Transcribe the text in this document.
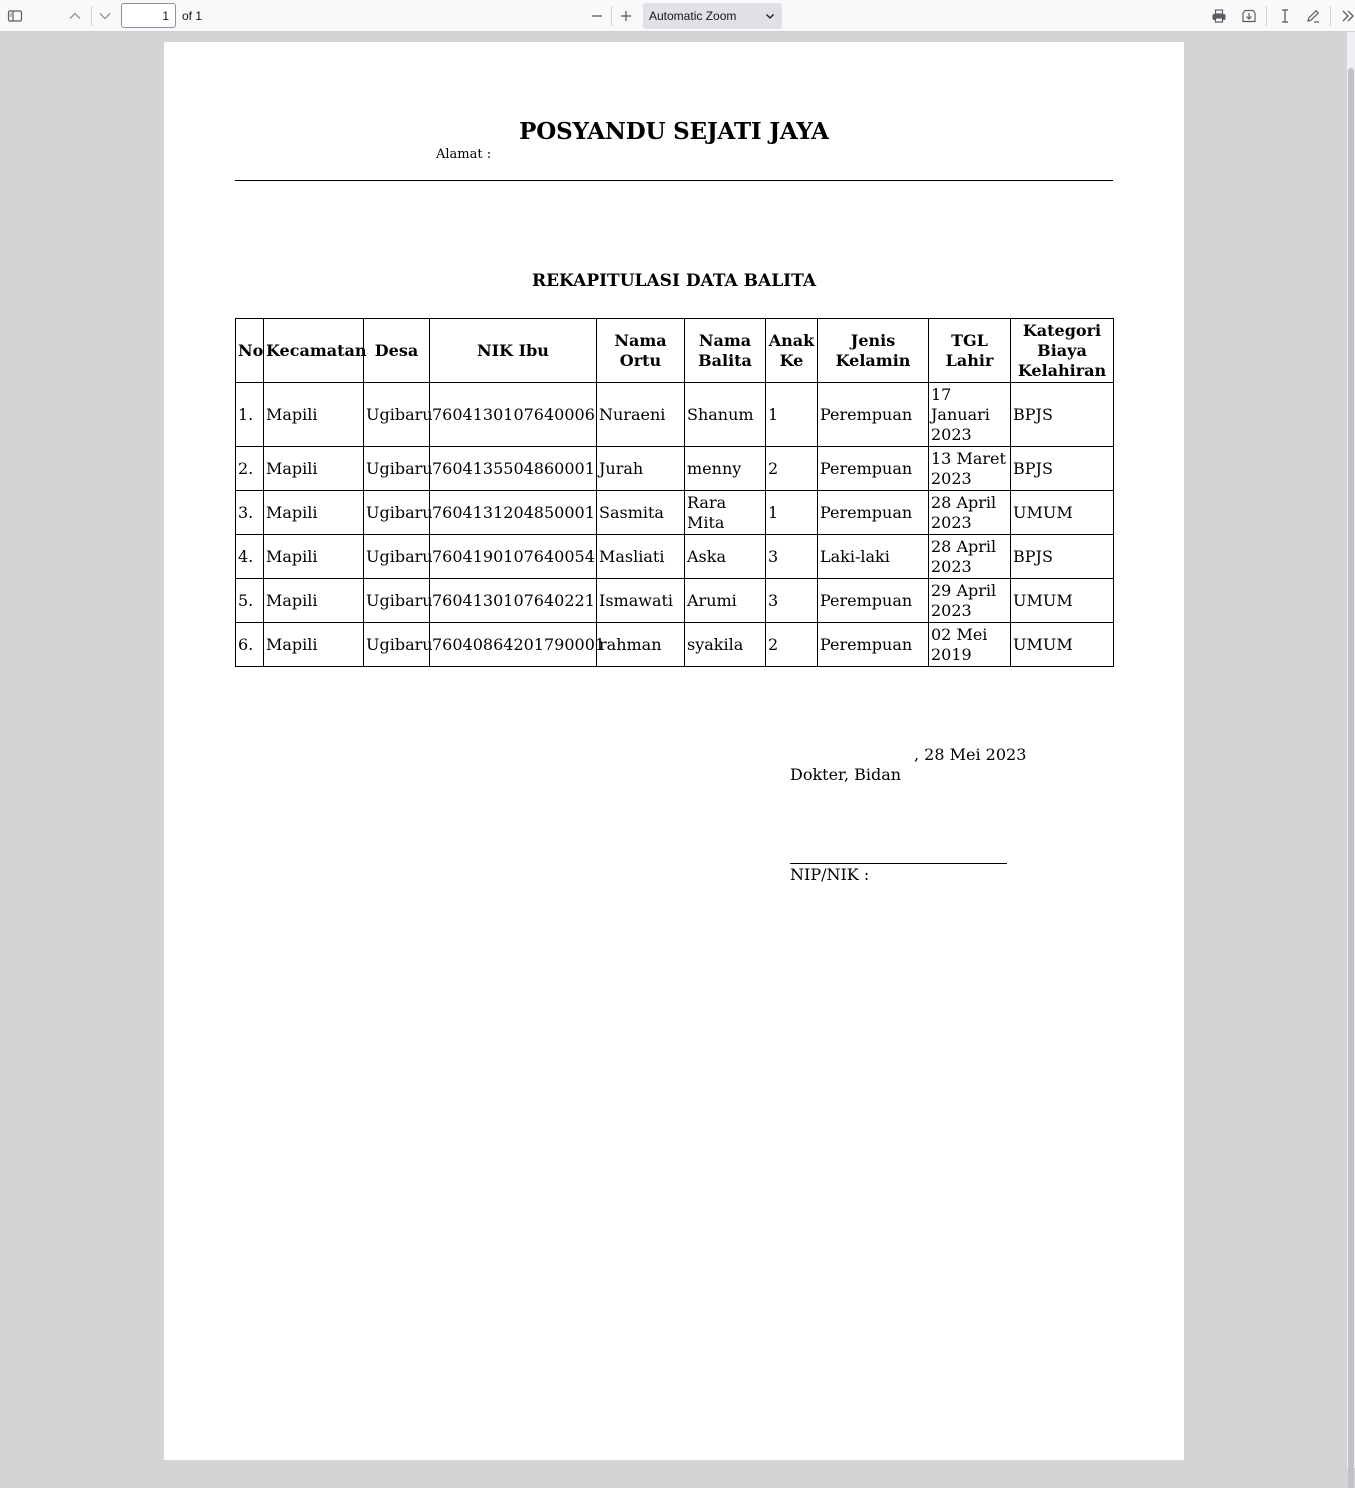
1
of 1	Automatic Zoom
POSYANDU SEJATI JAYA
Alamat :
REKAPITULASI DATA BALITA
No	Kecamatan	Desa	NIK Ibu	Nama Ortu	Nama Balita	Anak Ke	Jenis Kelamin	TGL Lahir	Kategori Biaya Kelahiran
1.	Mapili	Ugibaru	7604130107640006	Nuraeni	Shanum	1	Perempuan	17 Januari 2023	BPJS
2.	Mapili	Ugibaru	7604135504860001	Jurah	menny	2	Perempuan	13 Maret 2023	BPJS
3.	Mapili	Ugibaru	7604131204850001	Sasmita	Rara Mita	1	Perempuan	28 April 2023	UMUM
4.	Mapili	Ugibaru	7604190107640054	Masliati	Aska	3	Laki-laki	28 April 2023	BPJS
5.	Mapili	Ugibaru	7604130107640221	Ismawati	Arumi	3	Perempuan	29 April 2023	UMUM
6.	Mapili	Ugibaru	76040864201790001	rahman	syakila	2	Perempuan	02 Mei 2019	UMUM
, 28 Mei 2023
Dokter, Bidan
NIP/NIK :
